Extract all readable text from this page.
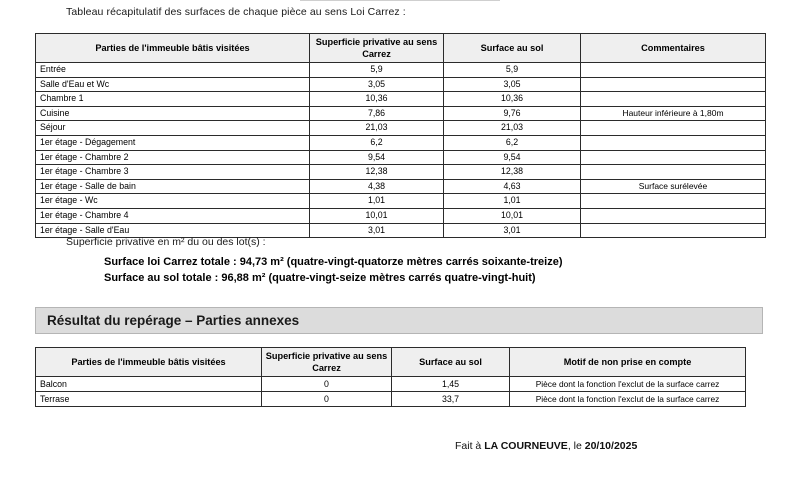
Tableau récapitulatif des surfaces de chaque pièce au sens Loi Carrez :
Parties de l'immeuble bâtis visitées	Superficie privative au sens Carrez	Surface au sol	Commentaires
Entrée	5,9	5,9	
Salle d'Eau et Wc	3,05	3,05	
Chambre 1	10,36	10,36	
Cuisine	7,86	9,76	Hauteur inférieure à 1,80m
Séjour	21,03	21,03	
1er étage - Dégagement	6,2	6,2	
1er étage - Chambre 2	9,54	9,54	
1er étage - Chambre 3	12,38	12,38	
1er étage - Salle de bain	4,38	4,63	Surface surélevée
1er étage - Wc	1,01	1,01	
1er étage - Chambre 4	10,01	10,01	
1er étage - Salle d'Eau	3,01	3,01	
Superficie privative en m² du ou des lot(s) :
Surface loi Carrez totale : 94,73 m² (quatre-vingt-quatorze mètres carrés soixante-treize)
Surface au sol totale : 96,88 m² (quatre-vingt-seize mètres carrés quatre-vingt-huit)
Résultat du repérage – Parties annexes
Parties de l'immeuble bâtis visitées	Superficie privative au sens Carrez	Surface au sol	Motif de non prise en compte
Balcon	0	1,45	Pièce dont la fonction l'exclut de la surface carrez
Terrase	0	33,7	Pièce dont la fonction l'exclut de la surface carrez
Fait à LA COURNEUVE, le 20/10/2025
